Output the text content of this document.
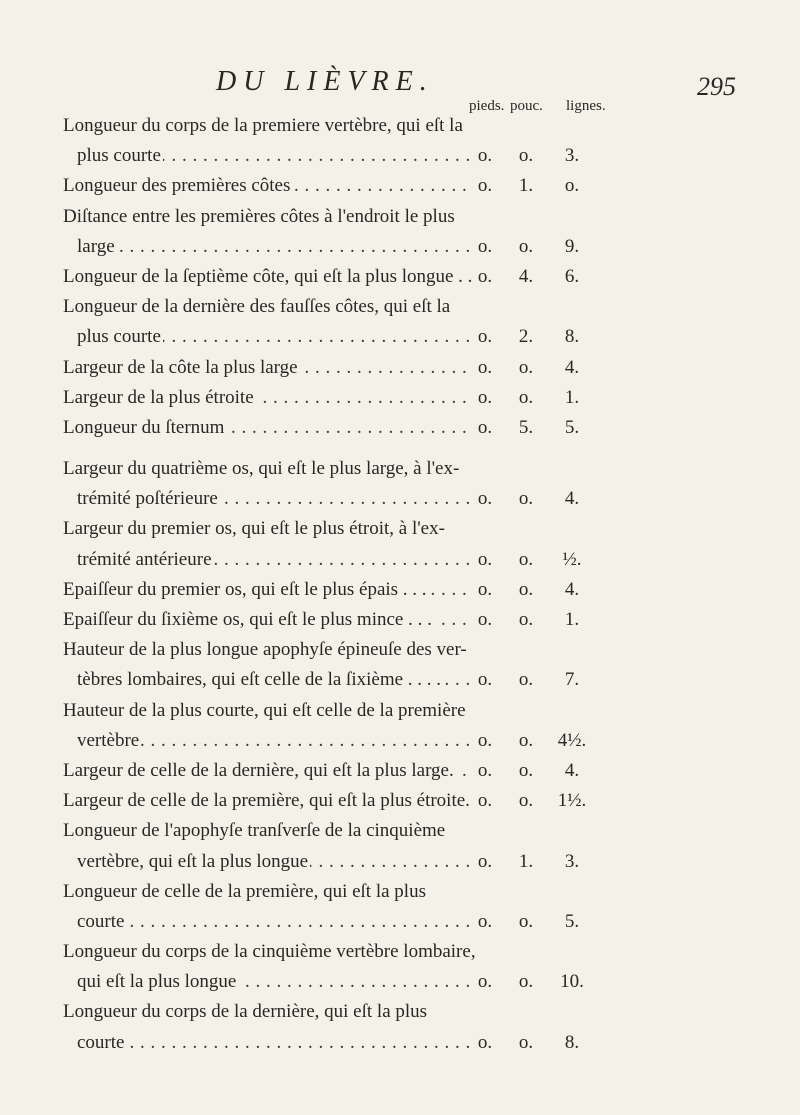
DU LIÈVRE.	295
pieds. pouc. lignes.
Longueur du corps de la premiere vertèbre, qui eſt la
. . . plus courte	o.	o.	3.
. . . Longueur des premières côtes	o.	1.	o.
Diſtance entre les premières côtes à l'endroit le plus
. . . large	o.	o.	9.
. . . Longueur de la ſeptième côte, qui eſt la plus longue . . o.	4.	6.
Longueur de la dernière des fauſſes côtes, qui eſt la
. . . plus courte	o.	2.	8.
. . . Largeur de la côte la plus large	o.	o.	4.
. . . Largeur de la plus étroite	o.	o.	1.
. . . Longueur du ſternum	o.	5.	5.
Largeur du quatrième os, qui eſt le plus large, à l'ex-
. . . trémité poſtérieure	o.	o.	4.
Largeur du premier os, qui eſt le plus étroit, à l'ex-
. . . trémité antérieure	o.	o.	½.
. . . Epaiſſeur du premier os, qui eſt le plus épais . . .	o.	o.	4.
. . . Epaiſſeur du ſixième os, qui eſt le plus mince . . .	o.	o.	1.
Hauteur de la plus longue apophyſe épineuſe des ver-
. . . tèbres lombaires, qui eſt celle de la ſixième . . . .	o.	o.	7.
Hauteur de la plus courte, qui eſt celle de la première
. . . vertèbre	o.	o.	4½.
. . . Largeur de celle de la dernière, qui eſt la plus large.	o.	o.	4.
. . . Largeur de celle de la première, qui eſt la plus étroite. o.	o.	1½.
Longueur de l'apophyſe tranſverſe de la cinquième
. . . vertèbre, qui eſt la plus longue	o.	1.	3.
Longueur de celle de la première, qui eſt la plus
. . . courte	o.	o.	5.
Longueur du corps de la cinquième vertèbre lombaire,
. . . qui eſt la plus longue	o.	o.	10.
Longueur du corps de la dernière, qui eſt la plus
. . . courte	o.	o.	8.
